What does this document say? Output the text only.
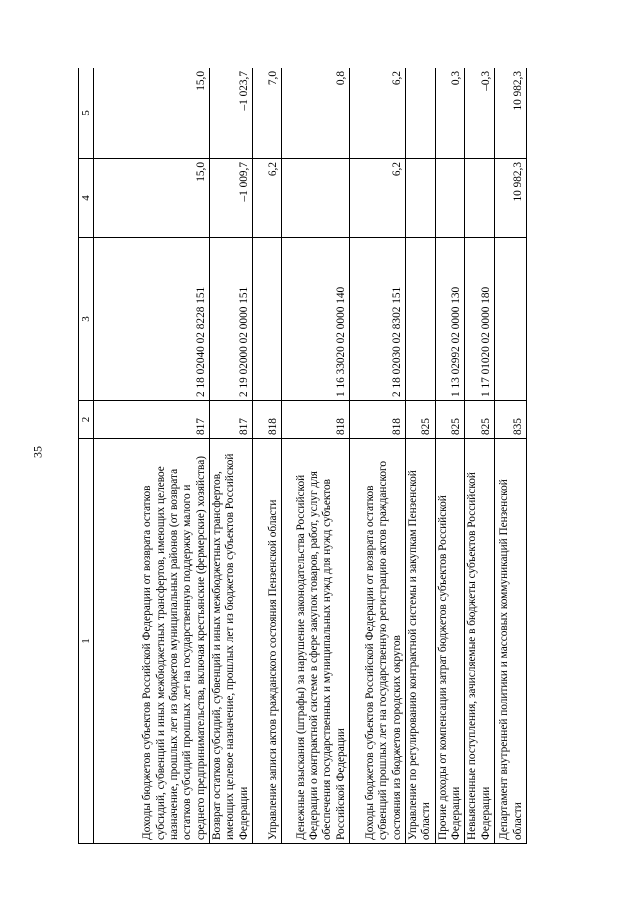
35
1	2	3	4	5
Доходы бюджетов субъектов Российской Федерации от возврата остатков субсидий, субвенций и иных межбюджетных трансфертов, имеющих целевое назначение, прошлых лет из бюджетов муниципальных районов (от возврата остатков субсидий прошлых лет на государственную поддержку малого и среднего предпринимательства, включая крестьянские (фермерские) хозяйства)	817	2 18 02040 02 8228 151	15,0	15,0
Возврат остатков субсидий, субвенций и иных межбюджетных трансфертов, имеющих целевое назначение, прошлых лет из бюджетов субъектов Российской Федерации	817	2 19 02000 02 0000 151	–1 009,7	–1 023,7
Управление записи актов гражданского состояния Пензенской области	818		6,2	7,0
Денежные взыскания (штрафы) за нарушение законодательства Российской Федерации о контрактной системе в сфере закупок товаров, работ, услуг для обеспечения государственных и муниципальных нужд для нужд субъектов Российской Федерации	818	1 16 33020 02 0000 140		0,8
Доходы бюджетов субъектов Российской Федерации от возврата остатков субвенций прошлых лет на государственную регистрацию актов гражданского состояния из бюджетов городских округов	818	2 18 02030 02 8302 151	6,2	6,2
Управление по регулированию контрактной системы и закупкам Пензенской области	825			
Прочие доходы от компенсации затрат бюджетов субъектов Российской Федерации	825	1 13 02992 02 0000 130		0,3
Невыясненные поступления, зачисляемые в бюджеты субъектов Российской Федерации	825	1 17 01020 02 0000 180		–0,3
Департамент внутренней политики и массовых коммуникаций Пензенской области	835		10 982,3	10 982,3
